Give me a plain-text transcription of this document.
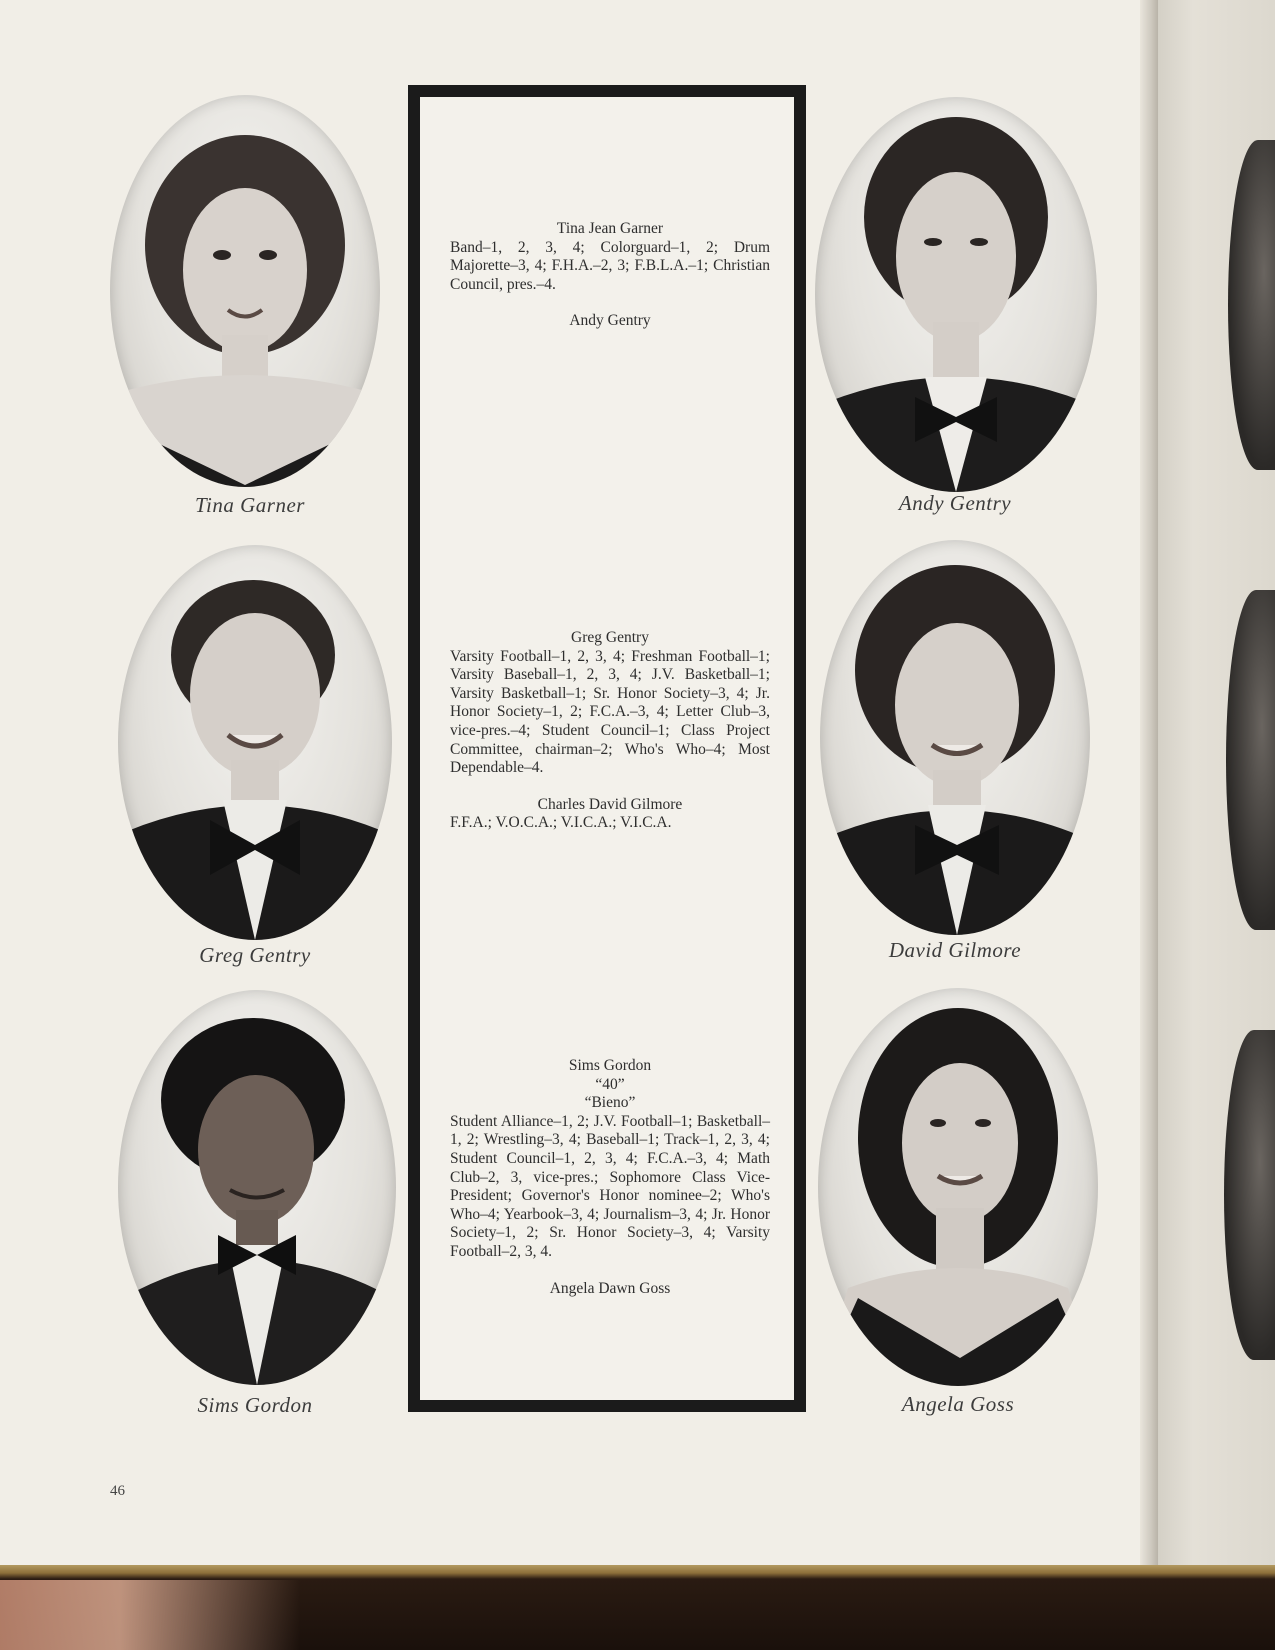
Tina Garner	Andy Gentry
Greg Gentry	David Gilmore
Sims Gordon	Angela Goss
Tina Jean Garner
Band–1, 2, 3, 4; Colorguard–1, 2; Drum Majorette–3, 4; F.H.A.–2, 3; F.B.L.A.–1; Christian Council, pres.–4.
Andy Gentry
Greg Gentry
Varsity Football–1, 2, 3, 4; Freshman Football–1; Varsity Baseball–1, 2, 3, 4; J.V. Basketball–1; Varsity Basketball–1; Sr. Honor Society–3, 4; Jr. Honor Society–1, 2; F.C.A.–3, 4; Letter Club–3, vice-pres.–4; Student Council–1; Class Project Committee, chairman–2; Who's Who–4; Most Dependable–4.
Charles David Gilmore
F.F.A.; V.O.C.A.; V.I.C.A.; V.I.C.A.
Sims Gordon
“40”
“Bieno”
Student Alliance–1, 2; J.V. Football–1; Basketball–1, 2; Wrestling–3, 4; Baseball–1; Track–1, 2, 3, 4; Student Council–1, 2, 3, 4; F.C.A.–3, 4; Math Club–2, 3, vice-pres.; Sophomore Class Vice-President; Governor's Honor nominee–2; Who's Who–4; Yearbook–3, 4; Journalism–3, 4; Jr. Honor Society–1, 2; Sr. Honor Society–3, 4; Varsity Football–2, 3, 4.
Angela Dawn Goss
46
